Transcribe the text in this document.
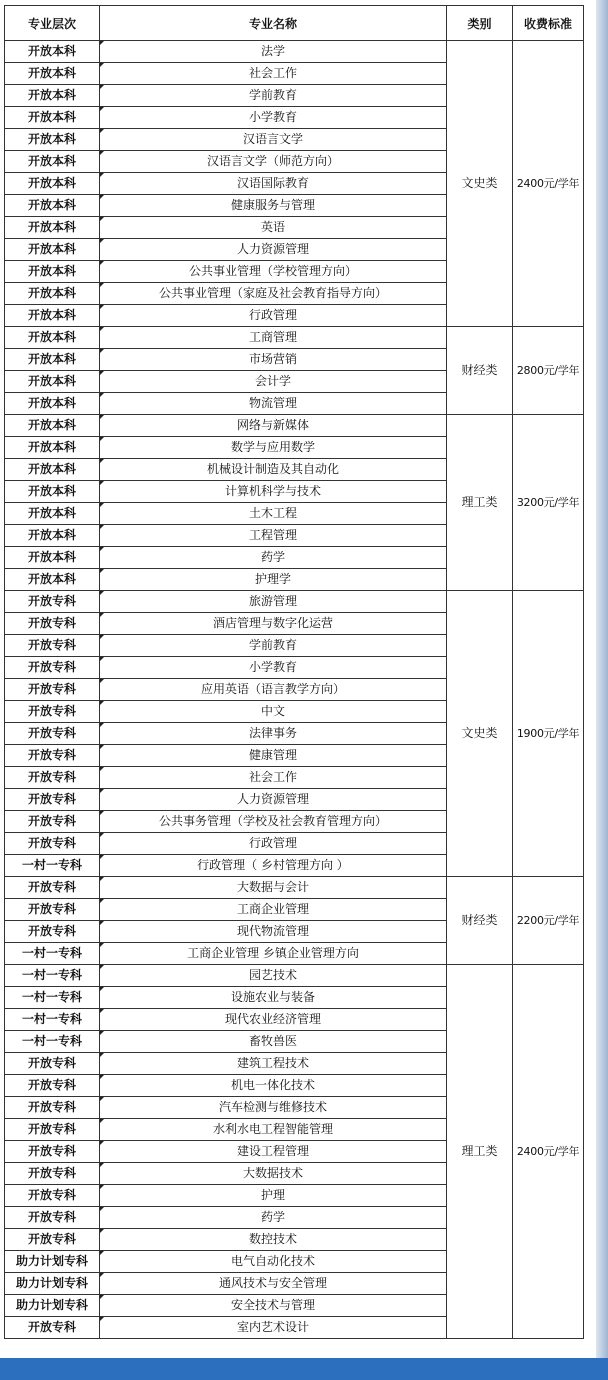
专业层次	专业名称	类别	收费标准
开放本科	法学	文史类	2400元/学年
开放本科	社会工作		
开放本科	学前教育		
开放本科	小学教育		
开放本科	汉语言文学		
开放本科	汉语言文学（师范方向）		
开放本科	汉语国际教育		
开放本科	健康服务与管理		
开放本科	英语		
开放本科	人力资源管理		
开放本科	公共事业管理（学校管理方向）		
开放本科	公共事业管理（家庭及社会教育指导方向）		
开放本科	行政管理		
开放本科	工商管理	财经类	2800元/学年
开放本科	市场营销		
开放本科	会计学		
开放本科	物流管理		
开放本科	网络与新媒体	理工类	3200元/学年
开放本科	数学与应用数学		
开放本科	机械设计制造及其自动化		
开放本科	计算机科学与技术		
开放本科	土木工程		
开放本科	工程管理		
开放本科	药学		
开放本科	护理学		
开放专科	旅游管理	文史类	1900元/学年
开放专科	酒店管理与数字化运营		
开放专科	学前教育		
开放专科	小学教育		
开放专科	应用英语（语言教学方向）		
开放专科	中文		
开放专科	法律事务		
开放专科	健康管理		
开放专科	社会工作		
开放专科	人力资源管理		
开放专科	公共事务管理（学校及社会教育管理方向）		
开放专科	行政管理		
一村一专科	行政管理（ 乡村管理方向 ）		
开放专科	大数据与会计	财经类	2200元/学年
开放专科	工商企业管理		
开放专科	现代物流管理		
一村一专科	工商企业管理 乡镇企业管理方向		
一村一专科	园艺技术	理工类	2400元/学年
一村一专科	设施农业与装备		
一村一专科	现代农业经济管理		
一村一专科	畜牧兽医		
开放专科	建筑工程技术		
开放专科	机电一体化技术		
开放专科	汽车检测与维修技术		
开放专科	水利水电工程智能管理		
开放专科	建设工程管理		
开放专科	大数据技术		
开放专科	护理		
开放专科	药学		
开放专科	数控技术		
助力计划专科	电气自动化技术		
助力计划专科	通风技术与安全管理		
助力计划专科	安全技术与管理		
开放专科	室内艺术设计		
